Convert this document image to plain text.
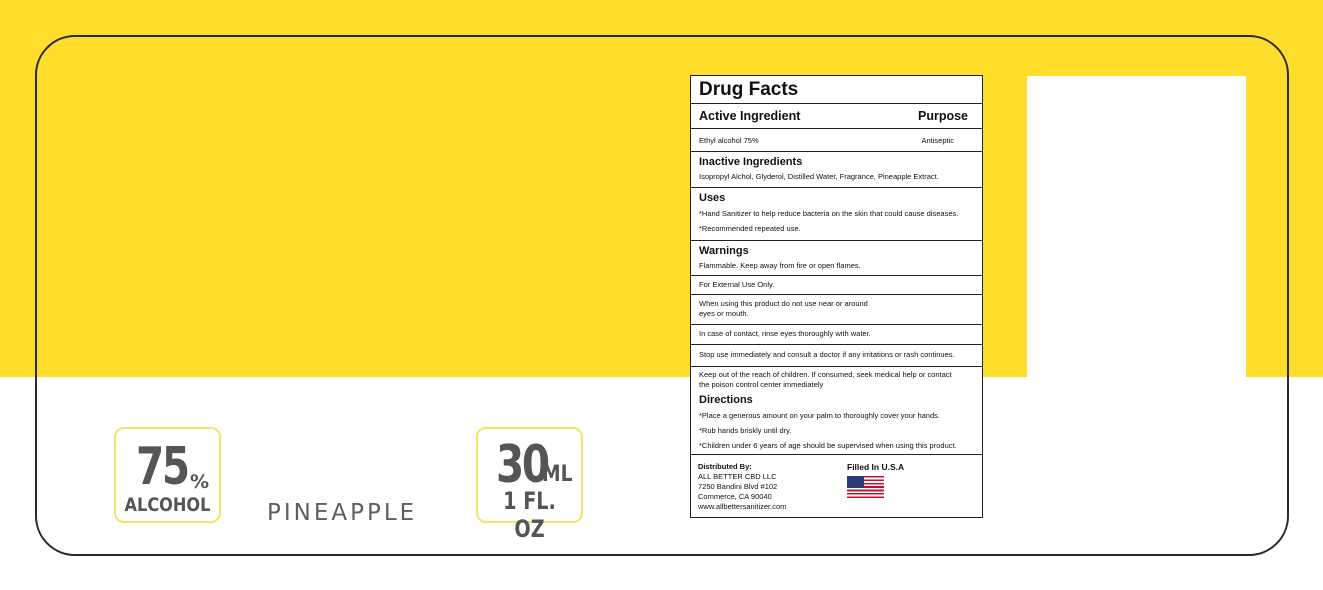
75 %
ALCOHOL PINEAPPLE
30
ML
1 FL. OZ
Drug Facts
Active Ingredient	Purpose
Ethyl alcohol 75%	Antiseptic
Inactive Ingredients

Isopropyl Alchol, Glyderol, Distilled Water, Fragrance, Pineapple Extract.

Uses

*Hand Sanitizer to help reduce bacteria on the skin that could cause diseases.

*Recommended repeated use.

Warnings

Flammable. Keep away from fire or open flames.

For External Use Only.
When using this product do not use near or around
eyes or mouth.
In case of contact, rinse eyes thoroughly with water.
Stop use immediately and consult a doctor if any irritations or rash continues.

Keep out of the reach of children. If consumed, seek medical help or contact

the poison control center immediately

Directions

*Place a generous amount on your palm to thoroughly cover your hands.

*Rub hands briskly until dry.

*Children under 6 years of age should be supervised when using this product.

Distributed By:
ALL BETTER CBD LLC
7250 Bandini Blvd #102
Commerce, CA 90040
www.allbettersanitizer.com
Filled In U.S.A
